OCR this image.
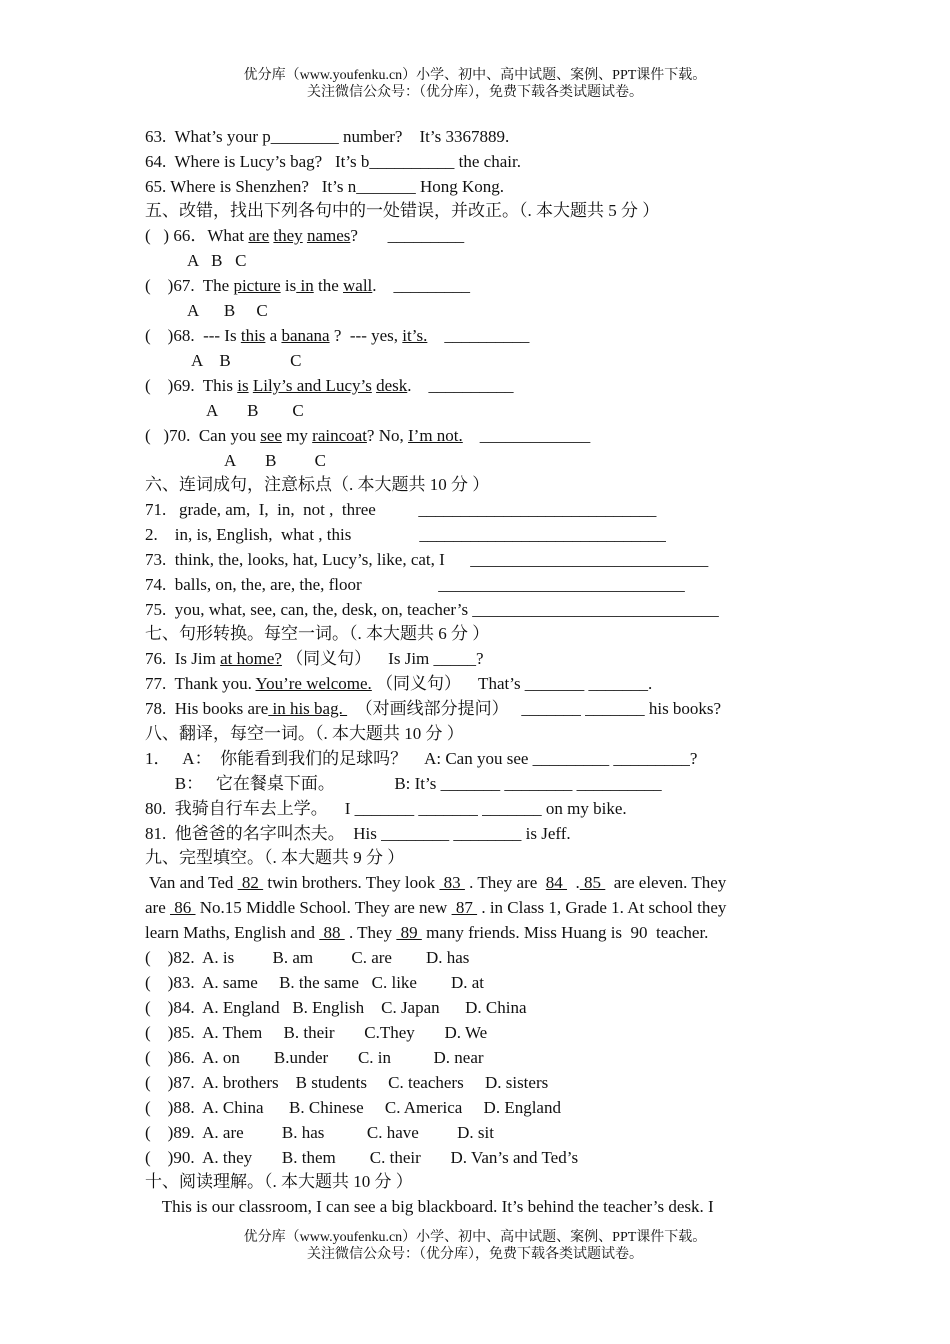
优分库（www.youfenku.cn）小学、初中、高中试题、案例、PPT课件下载。
关注微信公众号：（优分库），免费下载各类试题试卷。
63.  What’s your p________ number?    It’s 3367889.
64.  Where is Lucy’s bag?   It’s b__________ the chair.
65. Where is Shenzhen?   It’s n_______ Hong Kong.
五、改错，找出下列各句中的一处错误，并改正。（. 本大题共 5 分 ）
(   ) 66．What are they names?       _________
A   B   C
(    )67.  The picture is in the wall.    _________
A      B     C
(    )68.  --- Is this a banana ?  --- yes, it’s.    __________
A    B              C
(    )69.  This is Lily’s and Lucy’s desk.    __________
A       B        C
(   )70.  Can you see my raincoat? No, I’m not.    _____________
A       B         C
六、连词成句，注意标点（. 本大题共 10 分 ）
71.   grade, am,  I,  in,  not ,  three          ____________________________
2.    in, is, English,  what , this                _____________________________
73.  think, the, looks, hat, Lucy’s, like, cat, I      ____________________________
74.  balls, on, the, are, the, floor                  _____________________________
75.  you, what, see, can, the, desk, on, teacher’s _____________________________
七、句形转换。每空一词。（. 本大题共 6 分 ）
76.  Is Jim at home? （同义句）    Is Jim _____?
77.  Thank you. You’re welcome. （同义句）    That’s _______ _______.
78.  His books are in his bag.   （对画线部分提问）   _______ _______ his books?
八、翻译，每空一词。（. 本大题共 10 分 ）
1．   A：  你能看到我们的足球吗？    A: Can you see _________ _________?
B：   它在餐桌下面。              B: It’s _______ ________ __________
80.  我骑自行车去上学。    I _______ _______ _______ on my bike.
81.  他爸爸的名字叫杰夫。  His ________ ________ is Jeff.
九、完型填空。（. 本大题共 9 分 ）
Van and Ted  82  twin brothers. They look  83  . They are  84   . 85   are eleven. They
are  86  No.15 Middle School. They are new  87  . in Class 1, Grade 1. At school they
learn Maths, English and  88  . They  89  many friends. Miss Huang is  90  teacher.
(    )82.  A. is         B. am         C. are        D. has
(    )83.  A. same     B. the same   C. like        D. at
(    )84.  A. England   B. English    C. Japan      D. China
(    )85.  A. Them     B. their       C.They       D. We
(    )86.  A. on        B.under       C. in          D. near
(    )87.  A. brothers    B students     C. teachers     D. sisters
(    )88.  A. China      B. Chinese     C. America     D. England
(    )89.  A. are         B. has          C. have         D. sit
(    )90.  A. they       B. them        C. their       D. Van’s and Ted’s
十、阅读理解。（. 本大题共 10 分 ）
This is our classroom, I can see a big blackboard. It’s behind the teacher’s desk. I
优分库（www.youfenku.cn）小学、初中、高中试题、案例、PPT课件下载。
关注微信公众号：（优分库），免费下载各类试题试卷。
